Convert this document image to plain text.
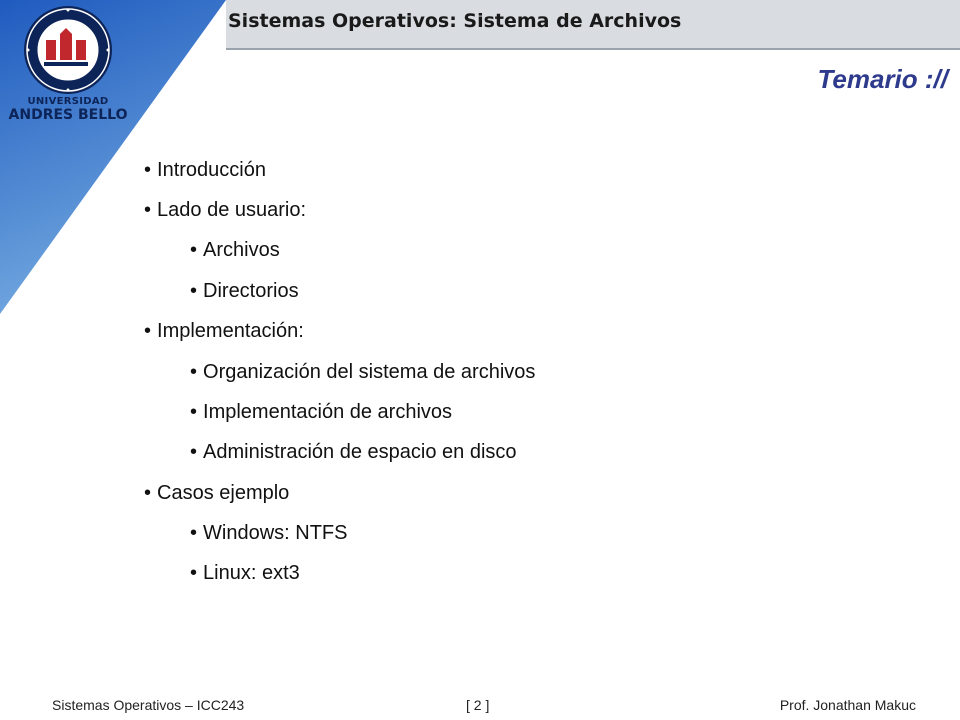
Sistemas Operativos: Sistema de Archivos
UNIVERSIDAD
ANDRES BELLO
Temario ://
• Introducción
• Lado de usuario:
• Archivos
• Directorios
• Implementación:
• Organización del sistema de archivos
• Implementación de archivos
• Administración de espacio en disco
• Casos ejemplo
• Windows: NTFS
• Linux: ext3
Sistemas Operativos – ICC243	[ 2 ]	Prof. Jonathan Makuc
